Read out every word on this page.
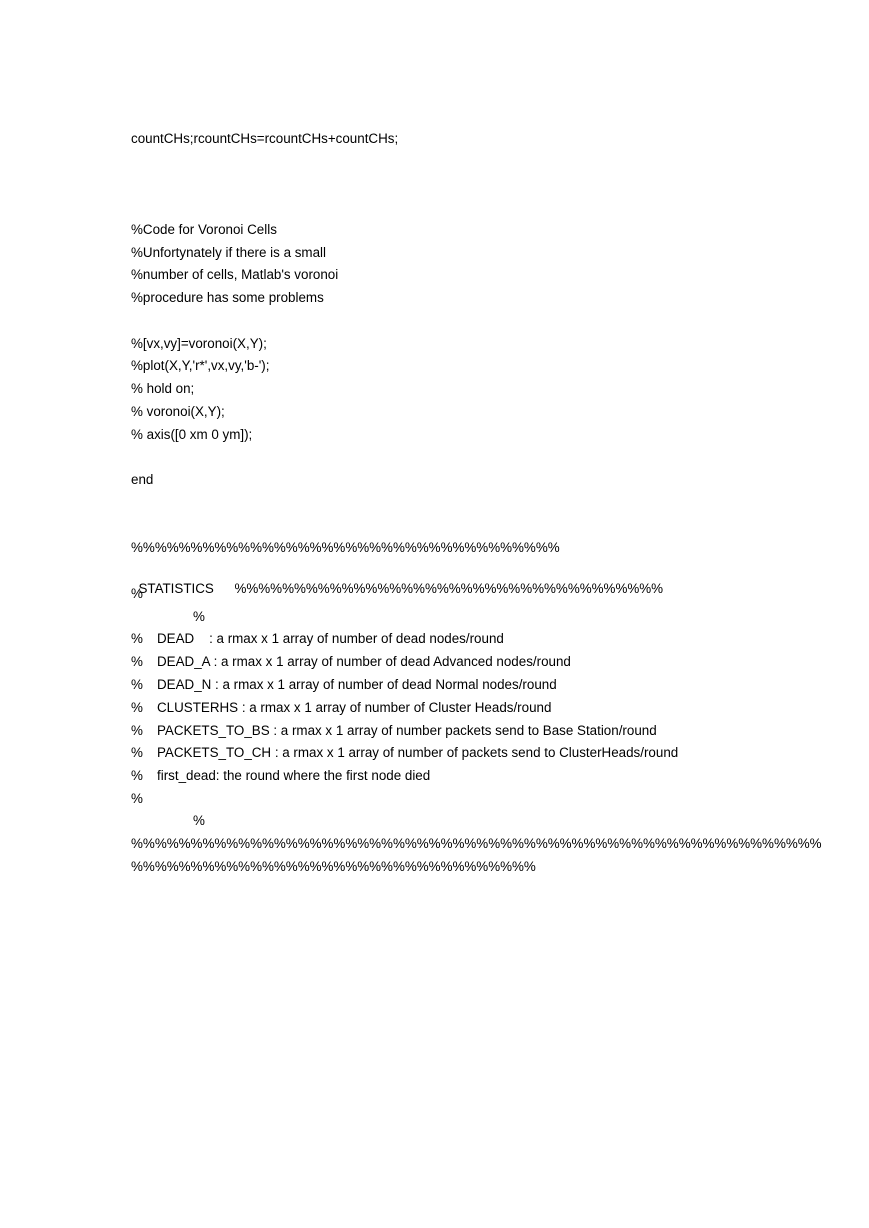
countCHs;rcountCHs=rcountCHs+countCHs;
%Code for Voronoi Cells
%Unfortynately if there is a small
%number of cells, Matlab's voronoi
%procedure has some problems
%[vx,vy]=voronoi(X,Y);
%plot(X,Y,'r*',vx,vy,'b-');
% hold on;
% voronoi(X,Y);
% axis([0 xm 0 ym]);
end
%%%%%%%%%%%%%%%%%%%%%%%%%%%%%%%%%%%%

STATISTICS %%%%%%%%%%%%%%%%%%%%%%%%%%%%%%%%%%%%

%
%
% DEAD    : a rmax x 1 array of number of dead nodes/round
% DEAD_A : a rmax x 1 array of number of dead Advanced nodes/round
% DEAD_N : a rmax x 1 array of number of dead Normal nodes/round
% CLUSTERHS : a rmax x 1 array of number of Cluster Heads/round
% PACKETS_TO_BS : a rmax x 1 array of number packets send to Base Station/round
% PACKETS_TO_CH : a rmax x 1 array of number of packets send to ClusterHeads/round
% first_dead: the round where the first node died
%
%
%%%%%%%%%%%%%%%%%%%%%%%%%%%%%%%%%%%%%%%%%%%%%%%%%%%%%%%%%%
%%%%%%%%%%%%%%%%%%%%%%%%%%%%%%%%%%
